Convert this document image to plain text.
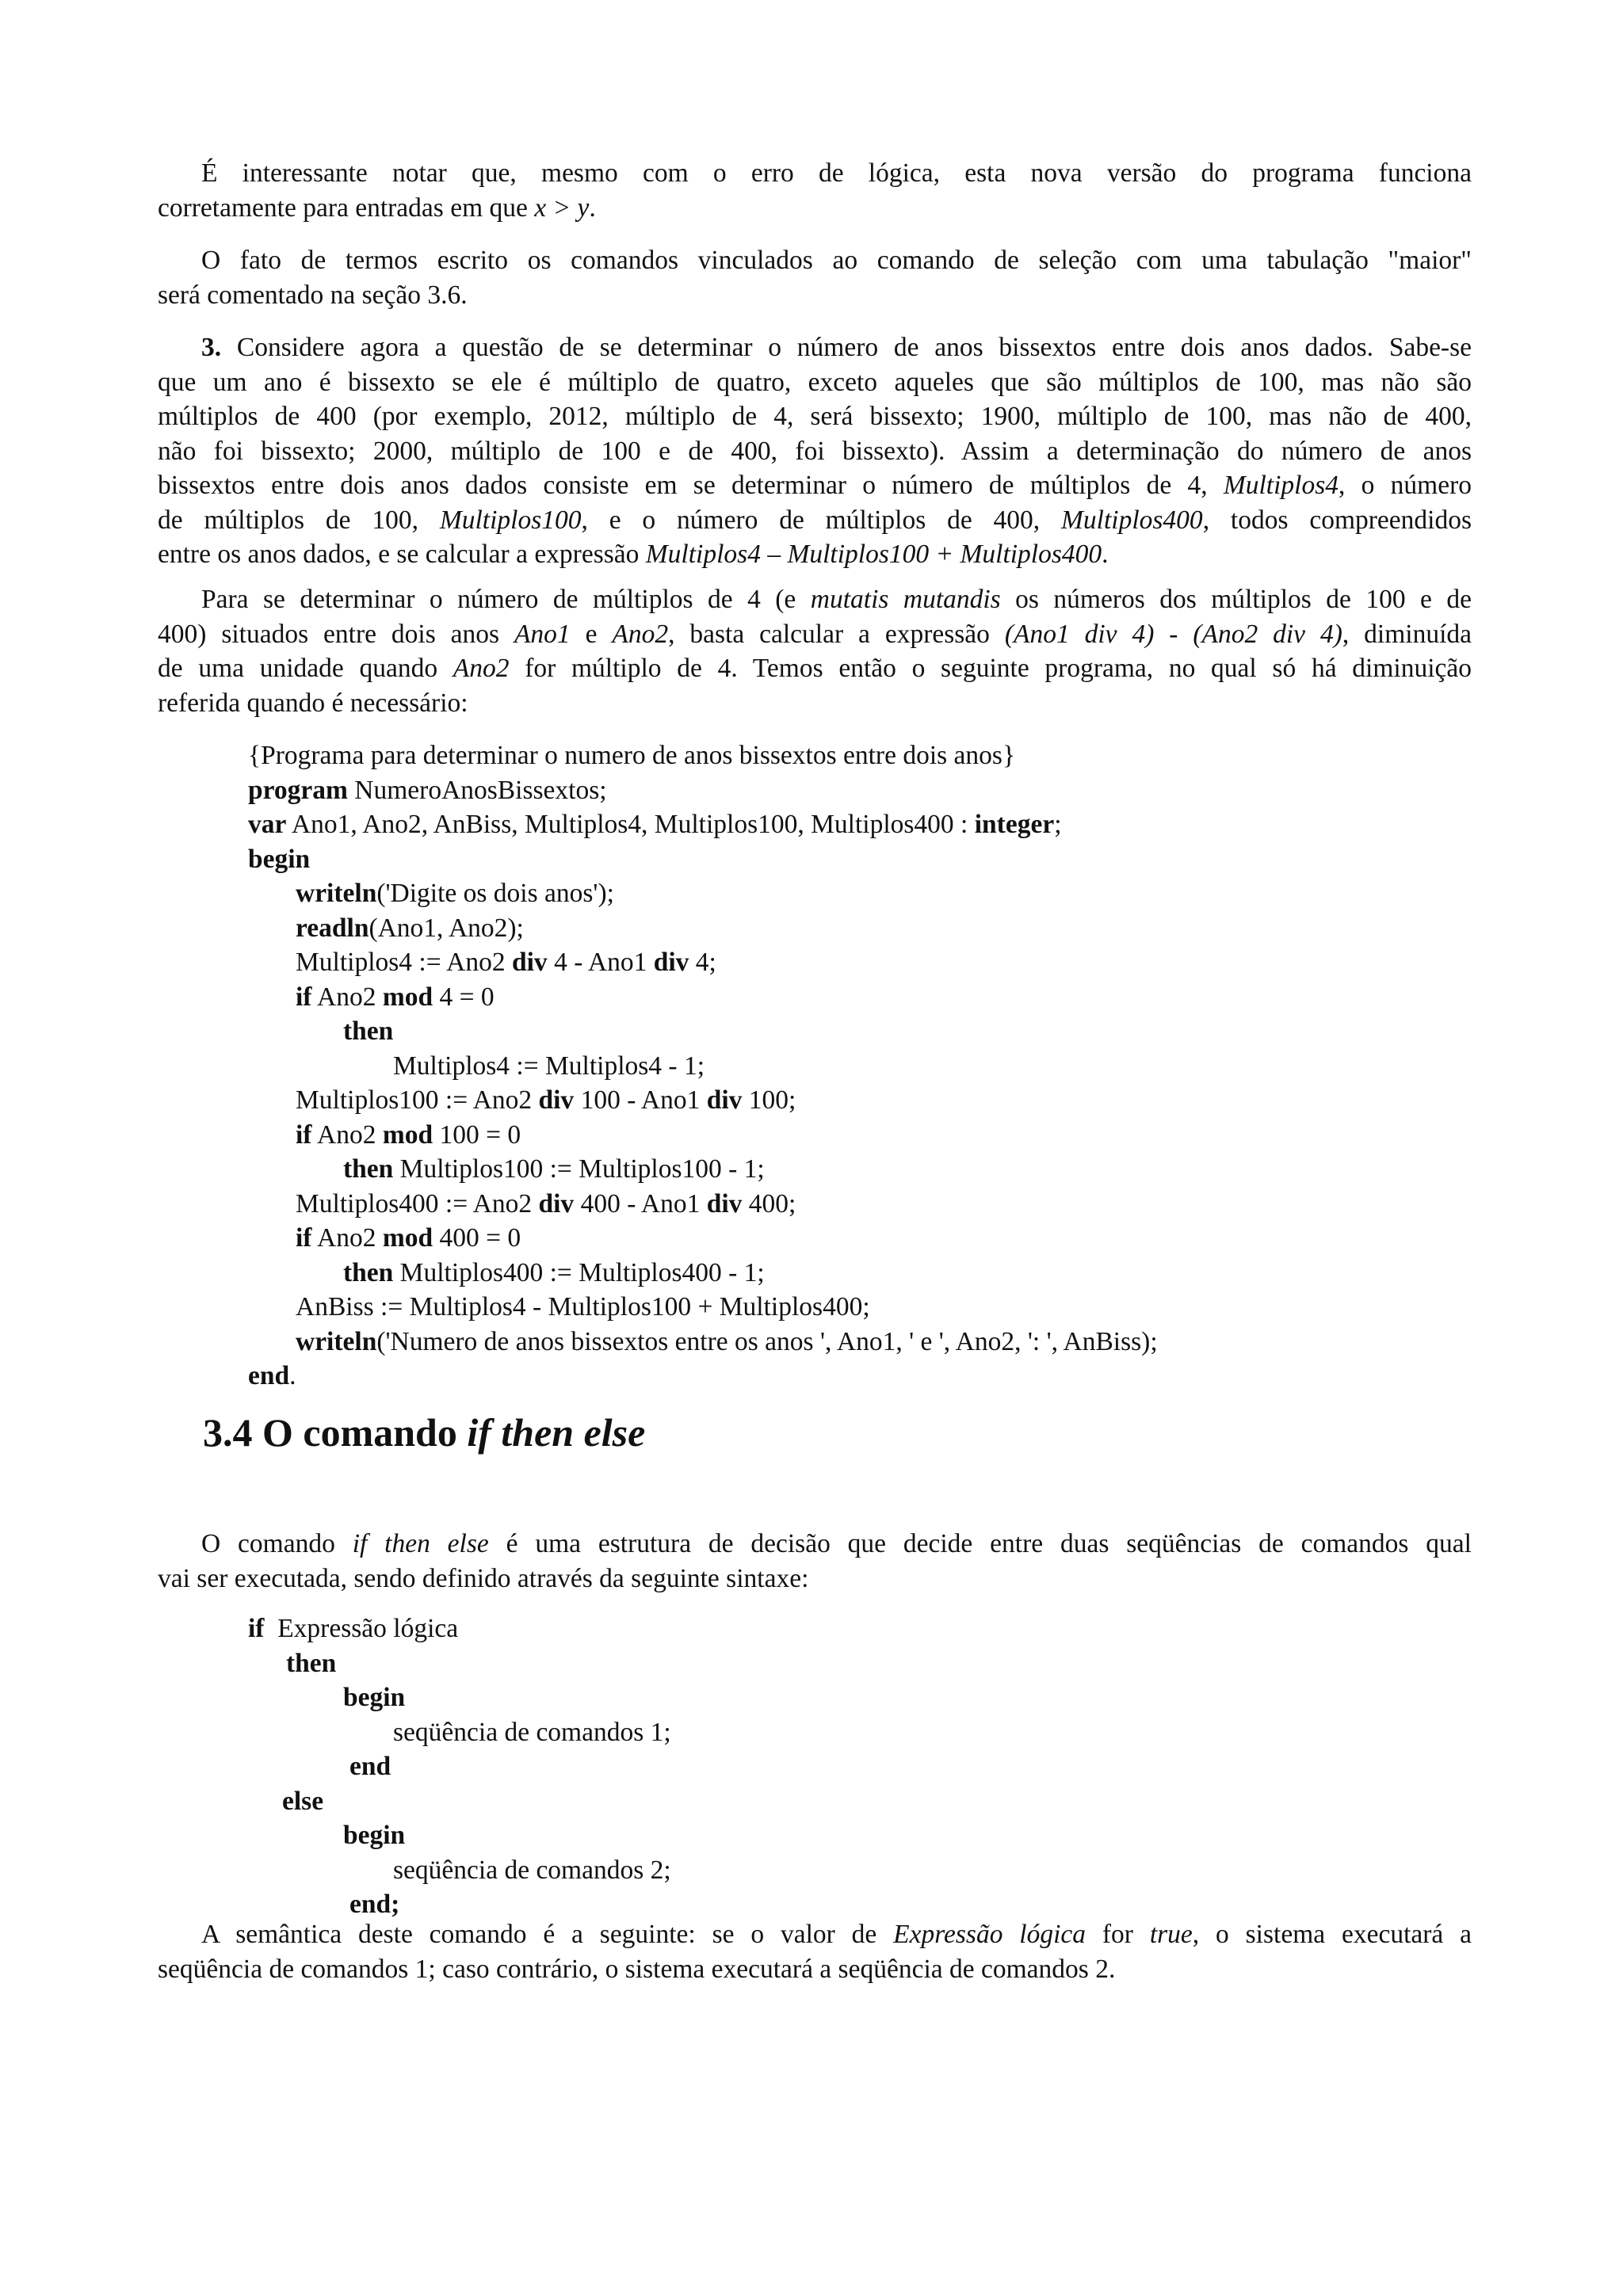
É interessante notar que, mesmo com o erro de lógica, esta nova versão do programa funciona
corretamente para entradas em que x > y.
O fato de termos escrito os comandos vinculados ao comando de seleção com uma tabulação "maior"
será comentado na seção 3.6.
3. Considere agora a questão de se determinar o número de anos bissextos entre dois anos dados. Sabe-se
que um ano é bissexto se ele é múltiplo de quatro, exceto aqueles que são múltiplos de 100, mas não são
múltiplos de 400 (por exemplo, 2012, múltiplo de 4, será bissexto; 1900, múltiplo de 100, mas não de 400,
não foi bissexto; 2000, múltiplo de 100 e de 400, foi bissexto). Assim a determinação do número de anos
bissextos entre dois anos dados consiste em se determinar o número de múltiplos de 4, Multiplos4, o número
de múltiplos de 100, Multiplos100, e o número de múltiplos de 400, Multiplos400, todos compreendidos
entre os anos dados, e se calcular a expressão Multiplos4 – Multiplos100 + Multiplos400.
Para se determinar o número de múltiplos de 4 (e mutatis mutandis os números dos múltiplos de 100 e de
400) situados entre dois anos Ano1 e Ano2, basta calcular a expressão (Ano1 div 4) - (Ano2 div 4), diminuída
de uma unidade quando Ano2 for múltiplo de 4. Temos então o seguinte programa, no qual só há diminuição
referida quando é necessário:
{Programa para determinar o numero de anos bissextos entre dois anos}
program NumeroAnosBissextos;
var Ano1, Ano2, AnBiss, Multiplos4, Multiplos100, Multiplos400 : integer;
begin
writeln('Digite os dois anos');
readln(Ano1, Ano2);
Multiplos4 := Ano2 div 4 - Ano1 div 4;
if Ano2 mod 4 = 0
then
Multiplos4 := Multiplos4 - 1;
Multiplos100 := Ano2 div 100 - Ano1 div 100;
if Ano2 mod 100 = 0
then Multiplos100 := Multiplos100 - 1;
Multiplos400 := Ano2 div 400 - Ano1 div 400;
if Ano2 mod 400 = 0
then Multiplos400 := Multiplos400 - 1;
AnBiss := Multiplos4 - Multiplos100 + Multiplos400;
writeln('Numero de anos bissextos entre os anos ', Ano1, ' e ', Ano2, ': ', AnBiss);
end.
3.4 O comando if then else
O comando if then else é uma estrutura de decisão que decide entre duas seqüências de comandos qual
vai ser executada, sendo definido através da seguinte sintaxe:
if  Expressão lógica
then
begin
seqüência de comandos 1;
end
else
begin
seqüência de comandos 2;
end;
A semântica deste comando é a seguinte: se o valor de Expressão lógica for true, o sistema executará a
seqüência de comandos 1; caso contrário, o sistema executará a seqüência de comandos 2.
